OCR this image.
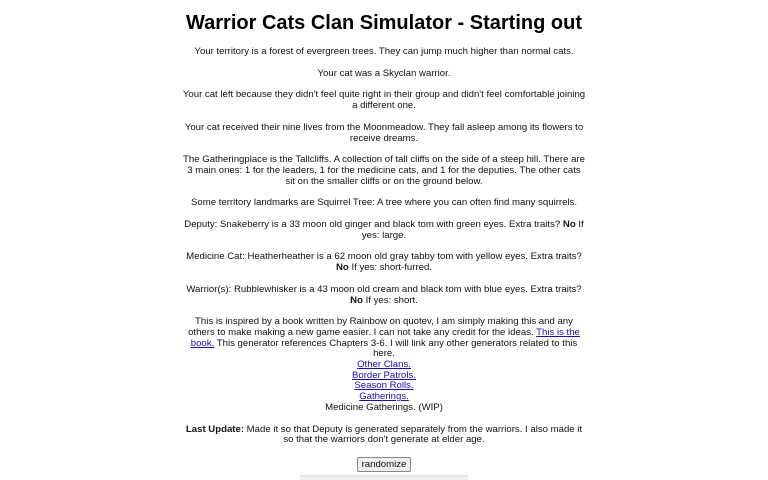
Warrior Cats Clan Simulator - Starting out

Your territory is a forest of evergreen trees. They can jump much higher than normal cats.

Your cat was a Skyclan warrior.

Your cat left because they didn't feel quite right in their group and didn't feel comfortable joining a different one.

Your cat received their nine lives from the Moonmeadow. They fall asleep among its flowers to receive dreams.

The Gatheringplace is the Tallcliffs. A collection of tall cliffs on the side of a steep hill. There are 3 main ones: 1 for the leaders, 1 for the medicine cats, and 1 for the deputies. The other cats sit on the smaller cliffs or on the ground below.

Some territory landmarks are Squirrel Tree: A tree where you can often find many squirrels.

Deputy: Snakeberry is a 33 moon old ginger and black tom with green eyes. Extra traits? No If yes: large.

Medicine Cat: Heatherheather is a 62 moon old gray tabby tom with yellow eyes. Extra traits? No If yes: short-furred.

Warrior(s): Rubblewhisker is a 43 moon old cream and black tom with blue eyes. Extra traits? No If yes: short.

This is inspired by a book written by Rainbow on quotev, I am simply making this and any others to make making a new game easier. I can not take any credit for the ideas. This is the book. This generator references Chapters 3-6. I will link any other generators related to this here.

Other Clans.
Border Patrols.
Season Rolls.
Gatherings.
Medicine Gatherings. (WIP)

Last Update: Made it so that Deputy is generated separately from the warriors. I also made it so that the warriors don't generate at elder age.

randomize
